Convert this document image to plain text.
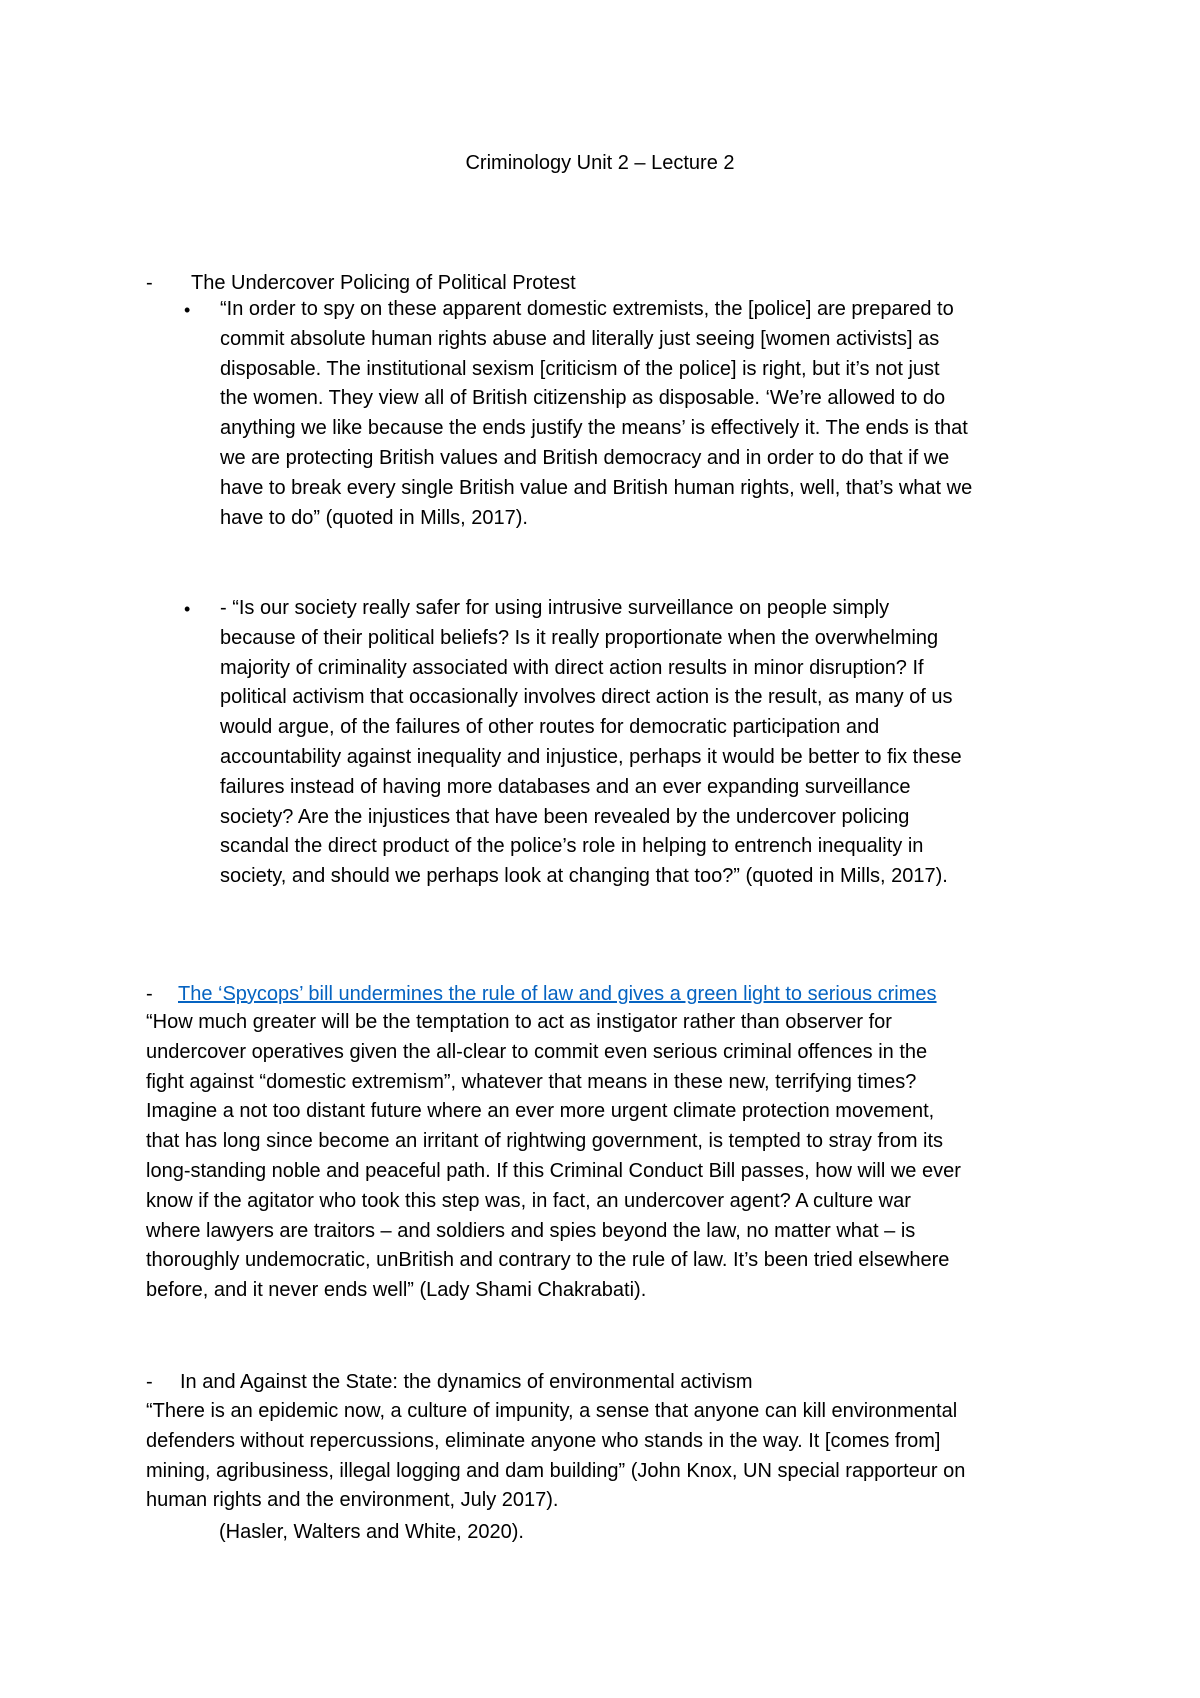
Criminology Unit 2 – Lecture 2
- The Undercover Policing of Political Protest
• “In order to spy on these apparent domestic extremists, the [police] are prepared to
commit absolute human rights abuse and literally just seeing [women activists] as
disposable. The institutional sexism [criticism of the police] is right, but it’s not just
the women. They view all of British citizenship as disposable. ‘We’re allowed to do
anything we like because the ends justify the means’ is effectively it. The ends is that
we are protecting British values and British democracy and in order to do that if we
have to break every single British value and British human rights, well, that’s what we
have to do” (quoted in Mills, 2017).
• - “Is our society really safer for using intrusive surveillance on people simply
because of their political beliefs? Is it really proportionate when the overwhelming
majority of criminality associated with direct action results in minor disruption? If
political activism that occasionally involves direct action is the result, as many of us
would argue, of the failures of other routes for democratic participation and
accountability against inequality and injustice, perhaps it would be better to fix these
failures instead of having more databases and an ever expanding surveillance
society? Are the injustices that have been revealed by the undercover policing
scandal the direct product of the police’s role in helping to entrench inequality in
society, and should we perhaps look at changing that too?” (quoted in Mills, 2017).
- The ‘Spycops’ bill undermines the rule of law and gives a green light to serious crimes
“How much greater will be the temptation to act as instigator rather than observer for
undercover operatives given the all-clear to commit even serious criminal offences in the
fight against “domestic extremism”, whatever that means in these new, terrifying times?
Imagine a not too distant future where an ever more urgent climate protection movement,
that has long since become an irritant of rightwing government, is tempted to stray from its
long-standing noble and peaceful path. If this Criminal Conduct Bill passes, how will we ever
know if the agitator who took this step was, in fact, an undercover agent? A culture war
where lawyers are traitors – and soldiers and spies beyond the law, no matter what – is
thoroughly undemocratic, unBritish and contrary to the rule of law. It’s been tried elsewhere
before, and it never ends well” (Lady Shami Chakrabati).
- In and Against the State: the dynamics of environmental activism
“There is an epidemic now, a culture of impunity, a sense that anyone can kill environmental
defenders without repercussions, eliminate anyone who stands in the way. It [comes from]
mining, agribusiness, illegal logging and dam building” (John Knox, UN special rapporteur on
human rights and the environment, July 2017).
(Hasler, Walters and White, 2020).
